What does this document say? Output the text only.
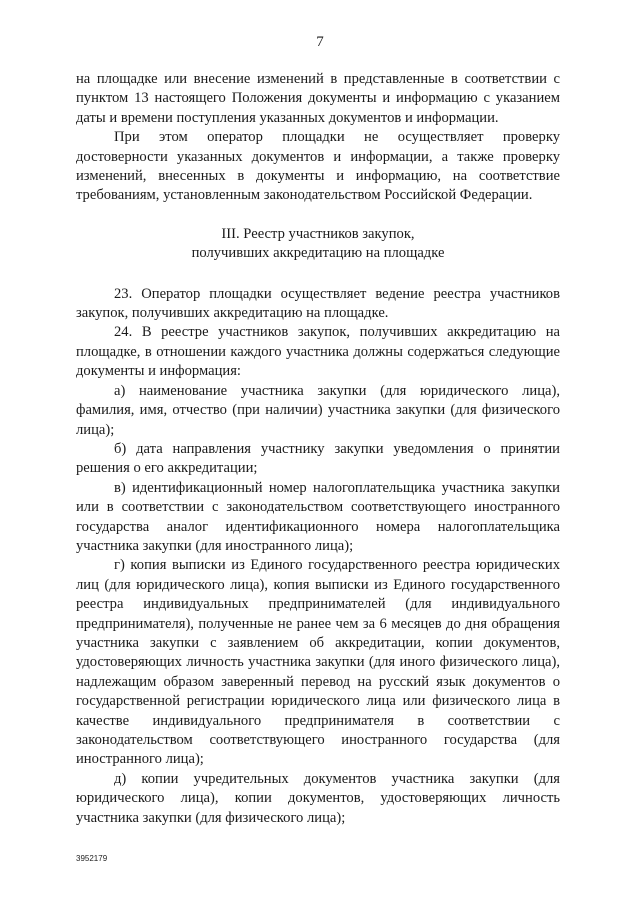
7

на площадке или внесение изменений в представленные в соответствии с пунктом 13 настоящего Положения документы и информацию с указанием даты и времени поступления указанных документов и информации.

При этом оператор площадки не осуществляет проверку достоверности указанных документов и информации, а также проверку изменений, внесенных в документы и информацию, на соответствие требованиям, установленным законодательством Российской Федерации.

III. Реестр участников закупок,
получивших аккредитацию на площадке

23. Оператор площадки осуществляет ведение реестра участников закупок, получивших аккредитацию на площадке.

24. В реестре участников закупок, получивших аккредитацию на площадке, в отношении каждого участника должны содержаться следующие документы и информация:

а) наименование участника закупки (для юридического лица), фамилия, имя, отчество (при наличии) участника закупки (для физического лица);

б) дата направления участнику закупки уведомления о принятии решения о его аккредитации;

в) идентификационный номер налогоплательщика участника закупки или в соответствии с законодательством соответствующего иностранного государства аналог идентификационного номера налогоплательщика участника закупки (для иностранного лица);

г) копия выписки из Единого государственного реестра юридических лиц (для юридического лица), копия выписки из Единого государственного реестра индивидуальных предпринимателей (для индивидуального предпринимателя), полученные не ранее чем за 6 месяцев до дня обращения участника закупки с заявлением об аккредитации, копии документов, удостоверяющих личность участника закупки (для иного физического лица), надлежащим образом заверенный перевод на русский язык документов о государственной регистрации юридического лица или физического лица в качестве индивидуального предпринимателя в соответствии с законодательством соответствующего иностранного государства (для иностранного лица);

д) копии учредительных документов участника закупки (для юридического лица), копии документов, удостоверяющих личность участника закупки (для физического лица);

3952179
